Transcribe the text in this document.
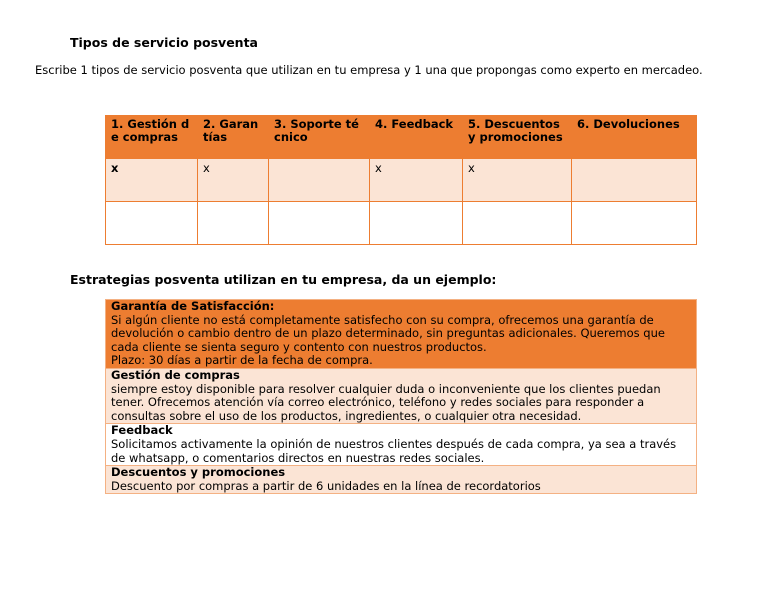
Tipos de servicio posventa
Escribe 1 tipos de servicio posventa que utilizan en tu empresa y 1 una que propongas como experto en mercadeo.
1. Gestión de compras	2. Garantías	3. Soporte técnico	4. Feedback	5. Descuentos y promociones	6. Devoluciones
x	x		x	x	

Estrategias posventa utilizan en tu empresa, da un ejemplo:
Garantía de Satisfacción:
Si algún cliente no está completamente satisfecho con su compra, ofrecemos una garantía de devolución o cambio dentro de un plazo determinado, sin preguntas adicionales. Queremos que cada cliente se sienta seguro y contento con nuestros productos.
Plazo: 30 días a partir de la fecha de compra.

Gestión de compras
siempre estoy disponible para resolver cualquier duda o inconveniente que los clientes puedan tener. Ofrecemos atención vía correo electrónico, teléfono y redes sociales para responder a consultas sobre el uso de los productos, ingredientes, o cualquier otra necesidad.

Feedback
Solicitamos activamente la opinión de nuestros clientes después de cada compra, ya sea a través de whatsapp, o comentarios directos en nuestras redes sociales.

Descuentos y promociones
Descuento por compras a partir de 6 unidades en la línea de recordatorios
